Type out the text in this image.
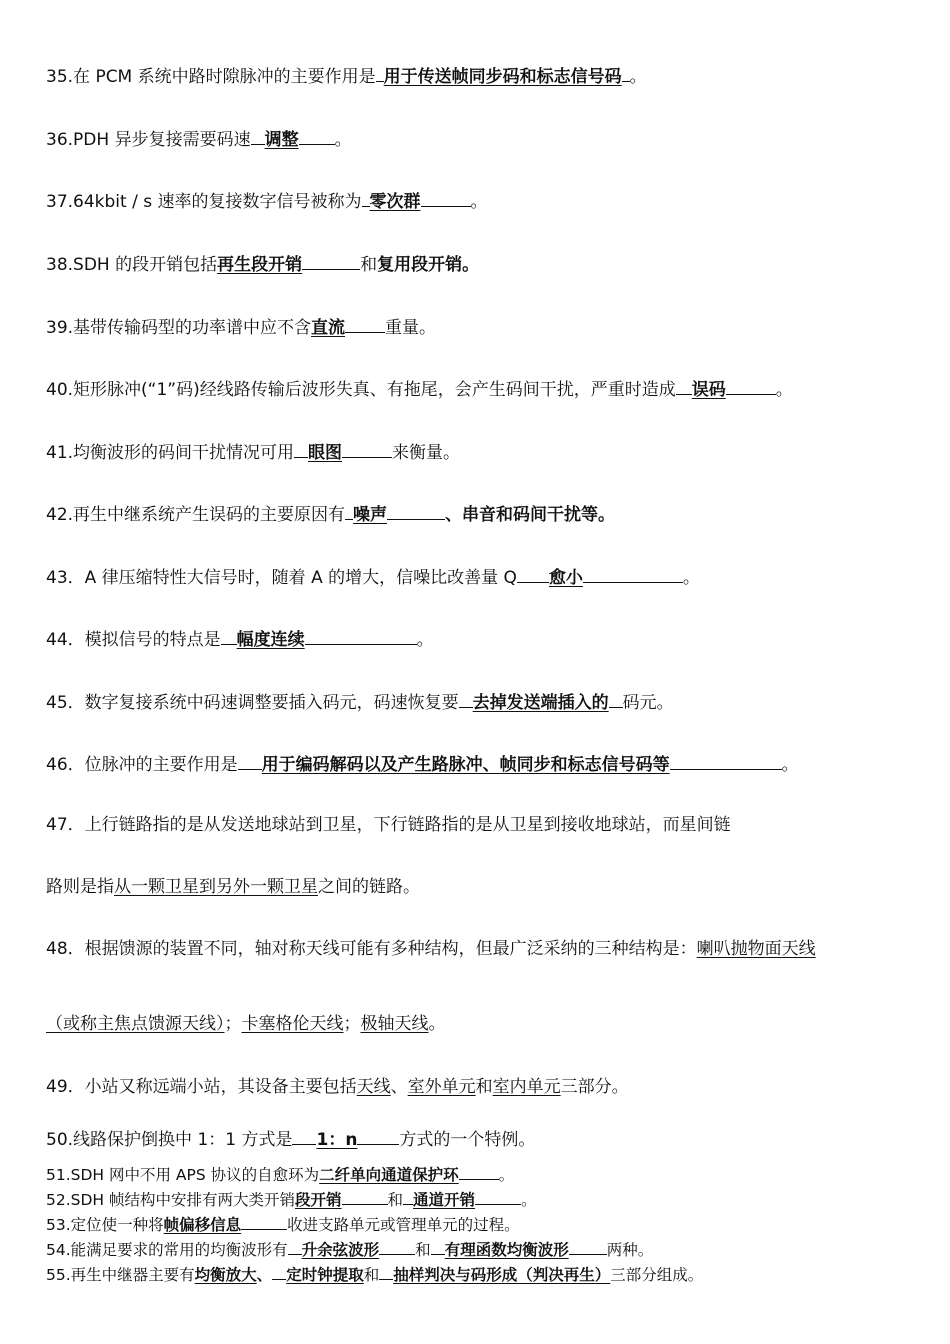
35.在 PCM 系统中路时隙脉冲的主要作用是 用于传送帧同步码和标志信号码 。
36.PDH 异步复接需要码速 调整 。
37.64kbit / s 速率的复接数字信号被称为 零次群	。
38.SDH 的段开销包括再生段开销	和复用段开销。
39.基带传输码型的功率谱中应不含直流 重量。
40.矩形脉冲(“1”码)经线路传输后波形失真、有拖尾，会产生码间干扰，严重时造成 误码	。
41.均衡波形的码间干扰情况可用 眼图	来衡量。
42.再生中继系统产生误码的主要原因有 噪声	、串音和码间干扰等。
43．A 律压缩特性大信号时，随着 A 的增大，信噪比改善量 Q 愈小	。
44．模拟信号的特点是 幅度连续	。
45．数字复接系统中码速调整要插入码元，码速恢复要 去掉发送端插入的 码元。
46．位脉冲的主要作用是 用于编码解码以及产生路脉冲、帧同步和标志信号码等	。
47．上行链路指的是从发送地球站到卫星，下行链路指的是从卫星到接收地球站，而星间链
路则是指从一颗卫星到另外一颗卫星之间的链路。
48．根据馈源的装置不同，轴对称天线可能有多种结构，但最广泛采纳的三种结构是：喇叭抛物面天线
（或称主焦点馈源天线）；卡塞格伦天线；极轴天线。
49．小站又称远端小站，其设备主要包括天线、室外单元和室内单元三部分。
50.线路保护倒换中 1：1 方式是 1：n 方式的一个特例。
51.SDH 网中不用 APS 协议的自愈环为二纤单向通道保护环	。
52.SDH 帧结构中安排有两大类开销段开销	和 通道开销	。
53.定位使一种将帧偏移信息	收进支路单元或管理单元的过程。
54.能满足要求的常用的均衡波形有 升余弦波形 和 有理函数均衡波形 两种。
55.再生中继器主要有均衡放大、 定时钟提取和 抽样判决与码形成（判决再生）三部分组成。
